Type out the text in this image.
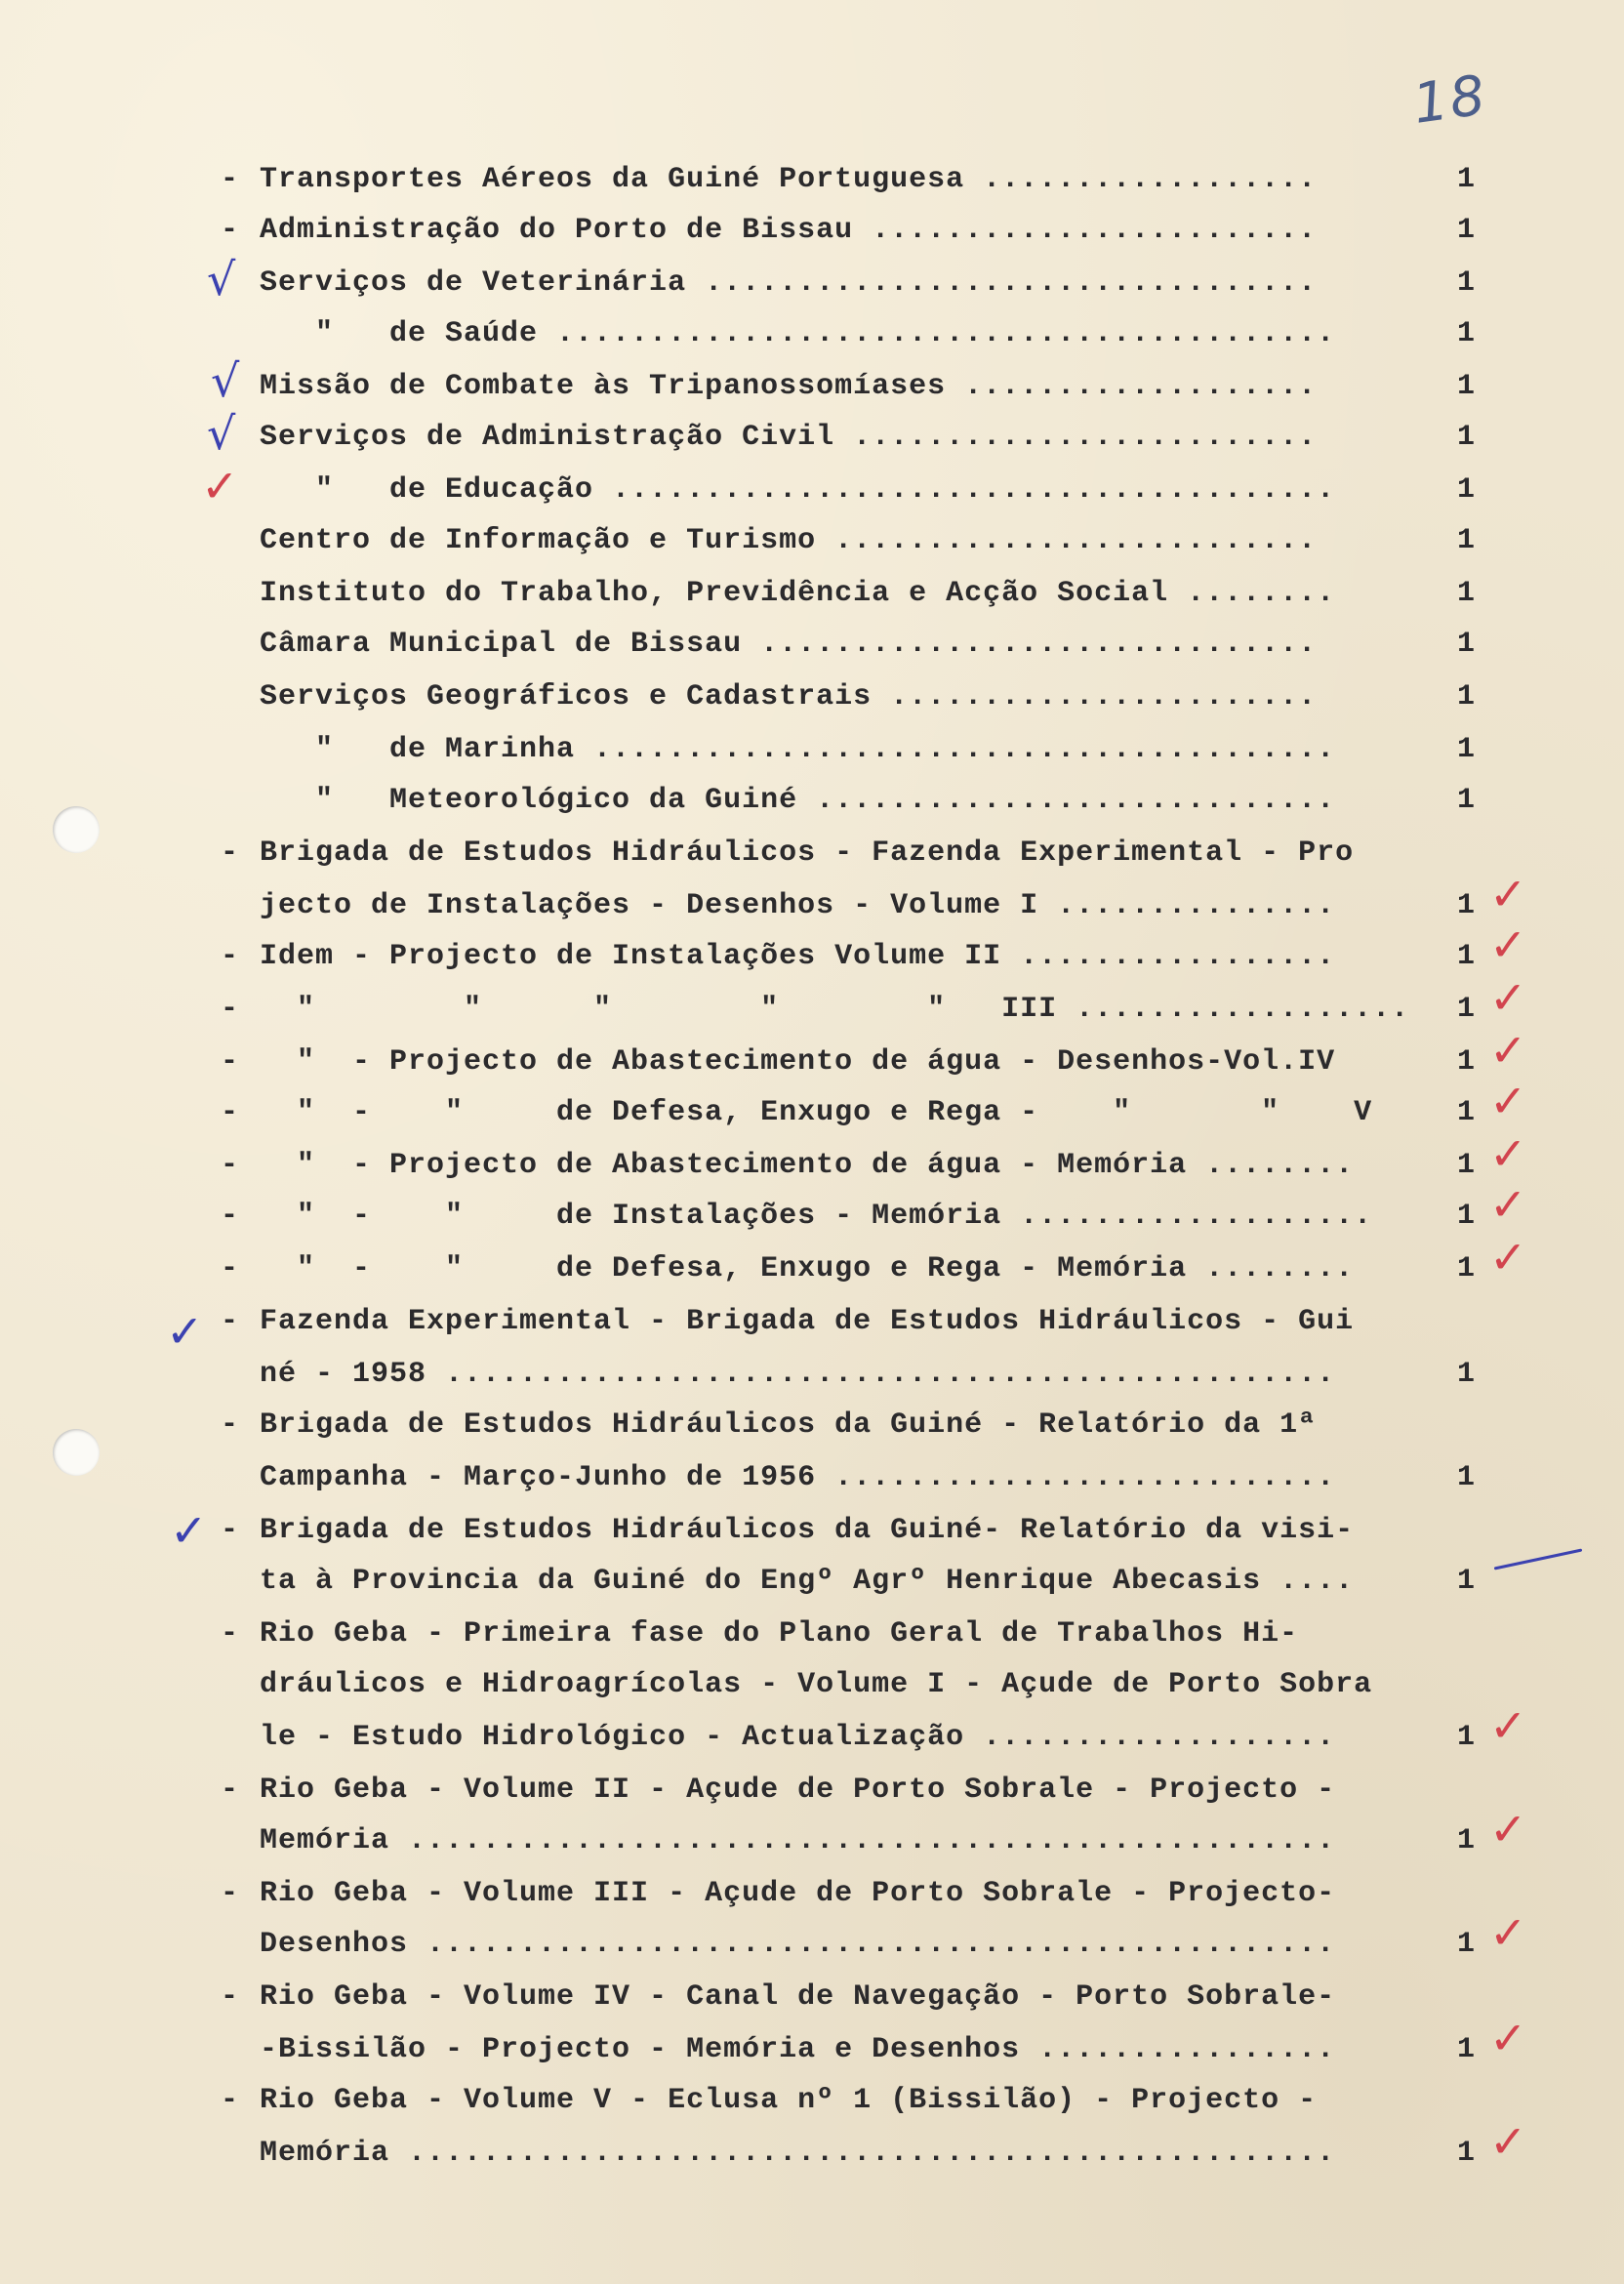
18
- Transportes Aéreos da Guiné Portuguesa ..................	1
- Administração do Porto de Bissau ........................	1
Serviços de Veterinária .................................	1
"   de Saúde ..........................................	1
Missão de Combate às Tripanossomíases ...................	1
Serviços de Administração Civil .........................	1
"   de Educação .......................................	1
Centro de Informação e Turismo ..........................	1
Instituto do Trabalho, Previdência e Acção Social ........	1
Câmara Municipal de Bissau ..............................	1
Serviços Geográficos e Cadastrais .......................	1
"   de Marinha ........................................	1
"   Meteorológico da Guiné ............................	1
- Brigada de Estudos Hidráulicos - Fazenda Experimental - Pro
jecto de Instalações - Desenhos - Volume I ...............	1 ✓
- Idem - Projecto de Instalações Volume II .................	1 ✓
- "        "      "        "        "   III .................. 1 ✓
- "  - Projecto de Abastecimento de água - Desenhos-Vol.IV	1 ✓
- "  -    "     de Defesa, Enxugo e Rega -    "       "    V	1 ✓
- "  - Projecto de Abastecimento de água - Memória ........	1 ✓
- "  -    "     de Instalações - Memória ...................	1 ✓
- "  -    "     de Defesa, Enxugo e Rega - Memória ........	1 ✓
- Fazenda Experimental - Brigada de Estudos Hidráulicos - Gui
né - 1958 ................................................	1
- Brigada de Estudos Hidráulicos da Guiné - Relatório da 1ª
Campanha - Março-Junho de 1956 ...........................	1
- Brigada de Estudos Hidráulicos da Guiné- Relatório da visi-
ta à Provincia da Guiné do Engº Agrº Henrique Abecasis ....	1
- Rio Geba - Primeira fase do Plano Geral de Trabalhos Hi-
dráulicos e Hidroagrícolas - Volume I - Açude de Porto Sobra
le - Estudo Hidrológico - Actualização ...................	1 ✓
- Rio Geba - Volume II - Açude de Porto Sobrale - Projecto -
Memória ..................................................	1 ✓
- Rio Geba - Volume III - Açude de Porto Sobrale - Projecto-
Desenhos .................................................	1 ✓
- Rio Geba - Volume IV - Canal de Navegação - Porto Sobrale-
-Bissilão - Projecto - Memória e Desenhos ................	1 ✓
- Rio Geba - Volume V - Eclusa nº 1 (Bissilão) - Projecto -
Memória ..................................................	1 ✓
√
√
√
✓
✓
✓
